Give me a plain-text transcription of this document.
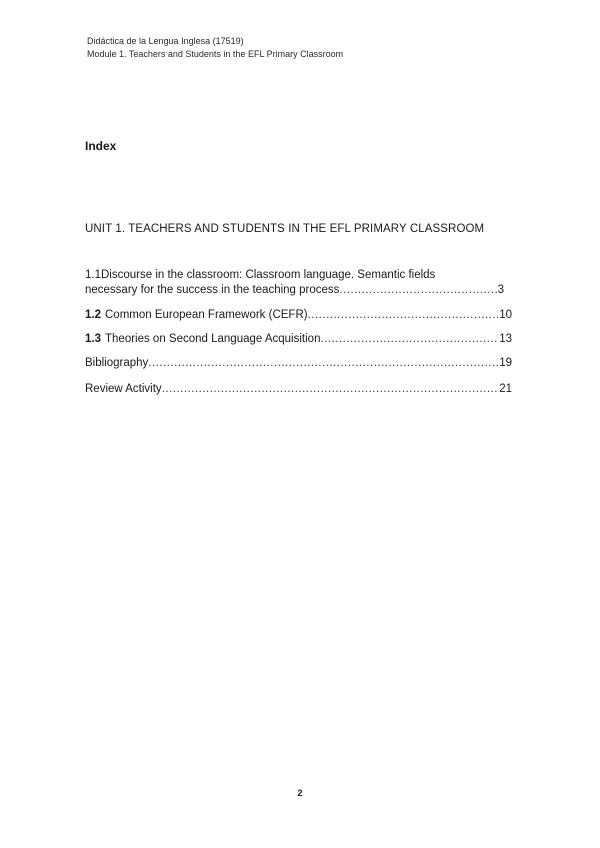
Didáctica de la Lengua Inglesa (17519)
Module 1. Teachers and Students in the EFL Primary Classroom
Index
UNIT 1. TEACHERS AND STUDENTS IN THE EFL PRIMARY CLASSROOM
1.1Discourse in the classroom: Classroom language. Semantic fields
necessary for the success in the teaching process .....	3
1.2 Common European Framework (CEFR) .....	10
1.3 Theories on Second Language Acquisition .....	13
Bibliography .....	19
Review Activity .....	21
2
